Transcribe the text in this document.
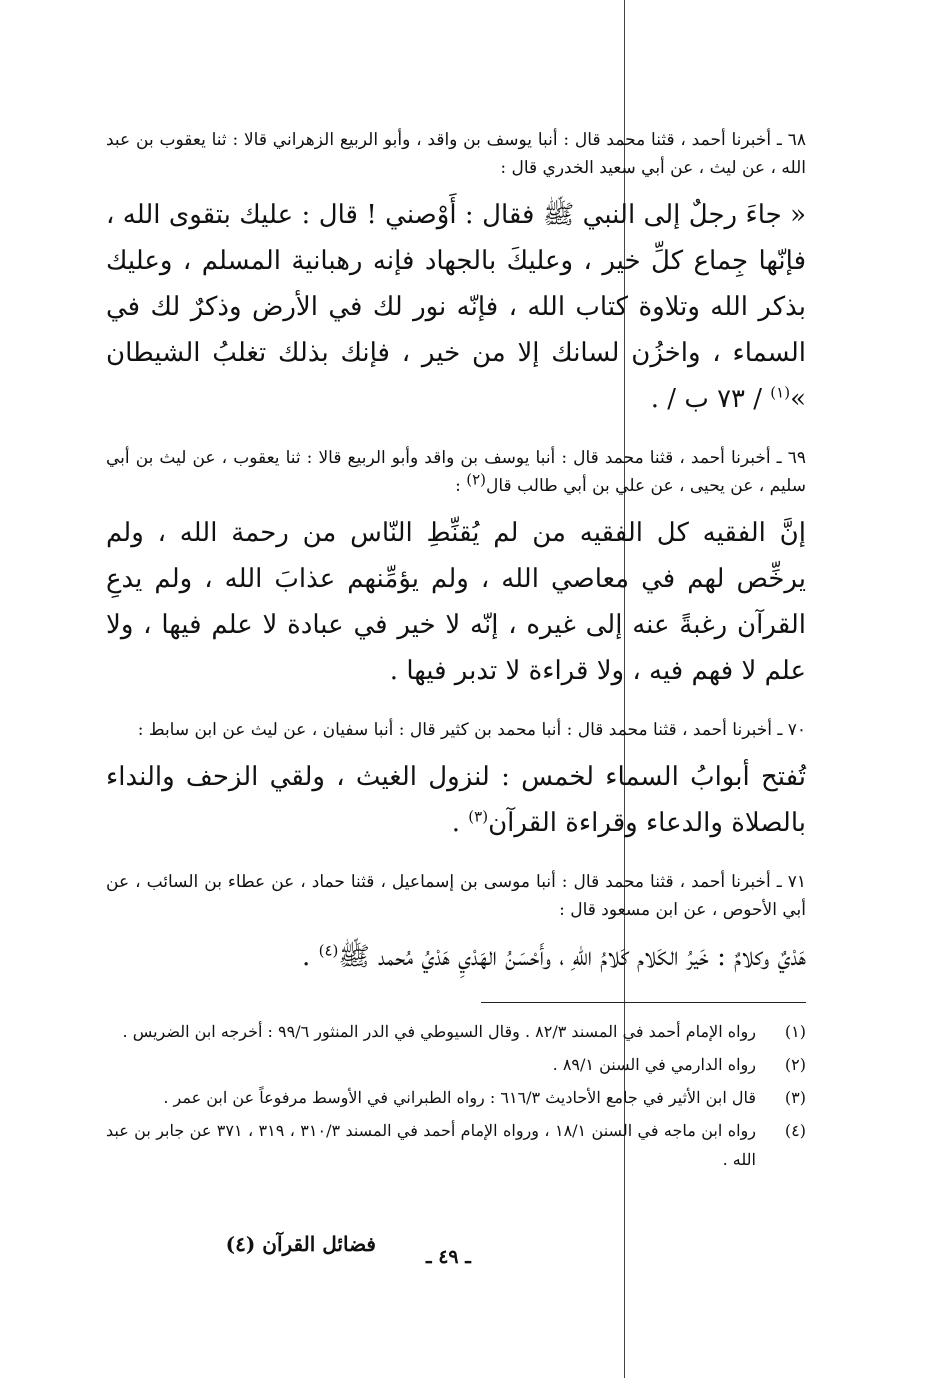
٦٨ ـ أخبرنا أحمد ، قثنا محمد قال : أنبا يوسف بن واقد ، وأبو الربيع الزهراني قالا : ثنا يعقوب بن عبد الله ، عن ليث ، عن أبي سعيد الخدري قال :

« جاءَ رجلٌ إلى النبي ﷺ فقال : أَوْصني ! قال : عليك بتقوى الله ، فإنّها جِماع كلِّ خير ، وعليكَ بالجهاد فإنه رهبانية المسلم ، وعليك بذكر الله وتلاوة كتاب الله ، فإنّه نور لك في الأرض وذكرٌ لك في السماء ، واخزُن لسانك إلا من خير ، فإنك بذلك تغلبُ الشيطان »$^{(١)}$ / ٧٣ ب / .

٦٩ ـ أخبرنا أحمد ، قثنا محمد قال : أنبا يوسف بن واقد وأبو الربيع قالا : ثنا يعقوب ، عن ليث بن أبي سليم ، عن يحيى ، عن علي بن أبي طالب قال(٢) :

إنَّ الفقيه كل الفقيه من لم يُقنِّطِ النّاس من رحمة الله ، ولم يرخِّص لهم في معاصي الله ، ولم يؤمِّنهم عذابَ الله ، ولم يدعِ القرآن رغبةً عنه إلى غيره ، إنّه لا خير في عبادة لا علم فيها ، ولا علم لا فهم فيه ، ولا قراءة لا تدبر فيها .

٧٠ ـ أخبرنا أحمد ، قثنا محمد قال : أنبا محمد بن كثير قال : أنبا سفيان ، عن ليث عن ابن سابط :

تُفتح أبوابُ السماء لخمس : لنزول الغيث ، ولقي الزحف والنداء بالصلاة والدعاء وقراءة القرآن$^{(٣)}$ .

٧١ ـ أخبرنا أحمد ، قثنا محمد قال : أنبا موسى بن إسماعيل ، قثنا حماد ، عن عطاء بن السائب ، عن أبي الأحوص ، عن ابن مسعود قال :

هَدْيٌ وكلامٌ : خَيرُ الكَلام كَلامُ اللهِ ، وأَحْسَنُ الهَدْيِ هَدْيُ مُحمد ﷺ$^{(٤)}$ .

(١)
رواه الإمام أحمد في المسند ٨٢/٣ . وقال السيوطي في الدر المنثور ٩٩/٦ : أخرجه ابن الضريس .
(٢)
رواه الدارمي في السنن ٨٩/١ .
(٣)
قال ابن الأثير في جامع الأحاديث ٦١٦/٣ : رواه الطبراني في الأوسط مرفوعاً عن ابن عمر .
(٤)
رواه ابن ماجه في السنن ١٨/١ ، ورواه الإمام أحمد في المسند ٣١٠/٣ ، ٣١٩ ، ٣٧١ عن جابر بن عبد الله .
فضائل القرآن (٤)
ـ ٤٩ ـ
